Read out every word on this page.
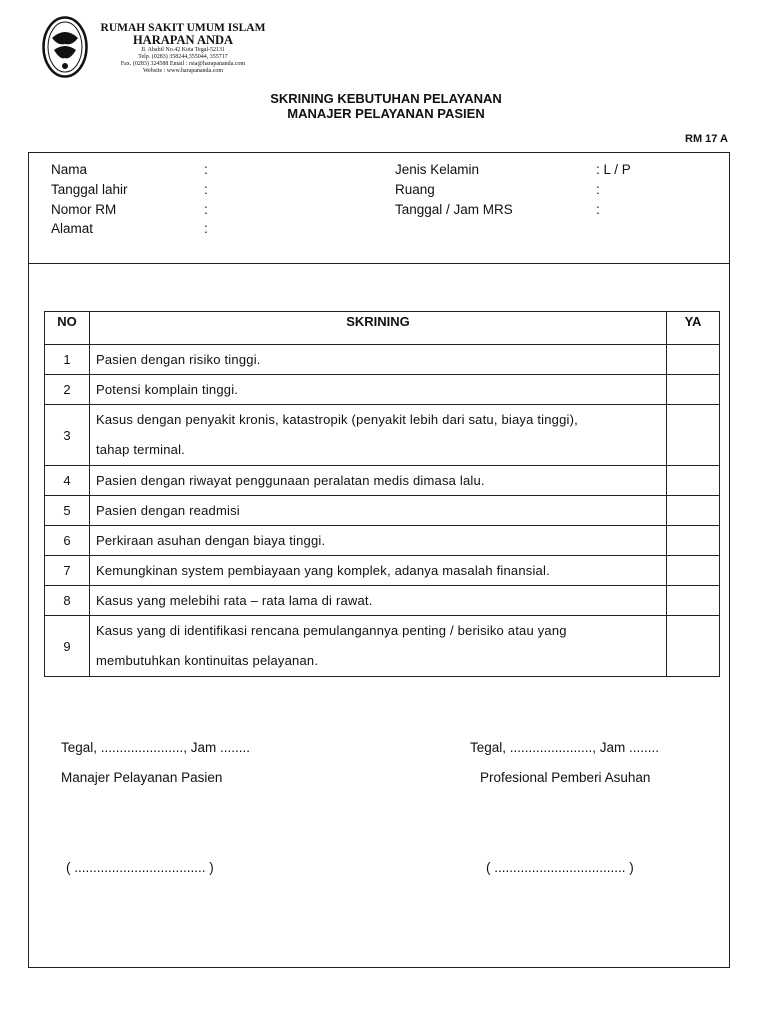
RUMAH SAKIT UMUM ISLAM
HARAPAN ANDA
Jl. Ababil No.42 Kota Tegal-52131
Telp. (0283) 358244,355044, 355717
Fax. (0283) 324588 Email : rsia@harapananda.com
Website : www.harapananda.com
SKRINING KEBUTUHAN PELAYANAN
MANAJER PELAYANAN PASIEN
RM 17 A
Nama	:
Tanggal lahir	:
Nomor RM	:
Alamat	:
Jenis Kelamin	: L / P
Ruang	:
Tanggal / Jam MRS	:
NO	SKRINING	YA
1	Pasien dengan risiko tinggi.	
2	Potensi komplain tinggi.	
3	Kasus dengan penyakit kronis, katastropik (penyakit lebih dari satu, biaya tinggi),
tahap terminal.	

4	Pasien dengan riwayat penggunaan peralatan medis dimasa lalu.	
5	Pasien dengan readmisi	
6	Perkiraan asuhan dengan biaya tinggi.	
7	Kemungkinan system pembiayaan yang komplek, adanya masalah finansial.	
8	Kasus yang melebihi rata – rata lama di rawat.	
9	Kasus yang di identifikasi rencana pemulangannya penting / berisiko atau yang
membutuhkan kontinuitas pelayanan.	

Tegal, ......................, Jam ........
Manajer Pelayanan Pasien
( ................................... )
Tegal, ......................, Jam ........
Profesional Pemberi Asuhan
( ................................... )
